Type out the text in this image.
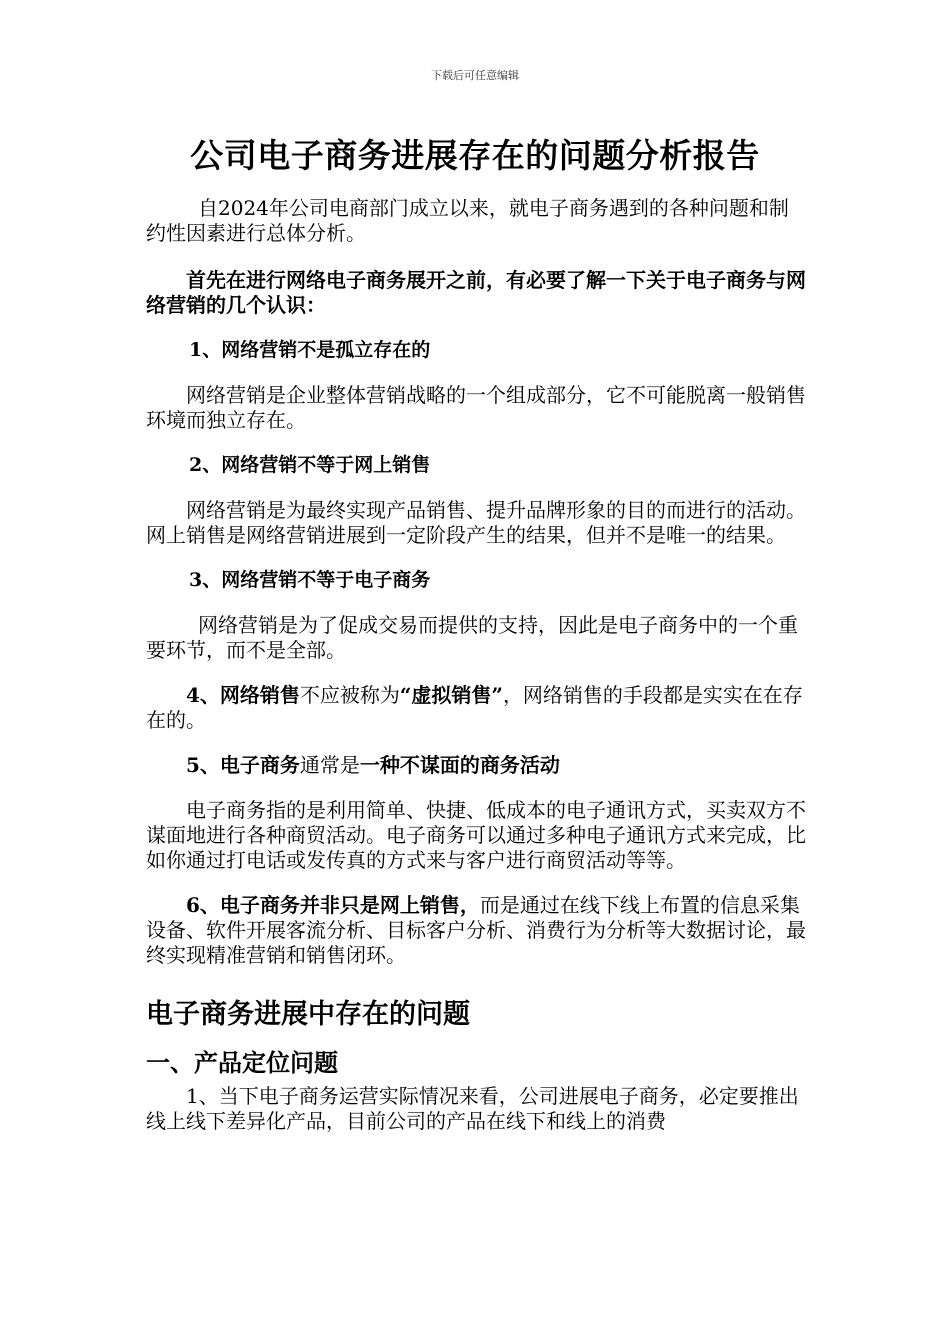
下载后可任意编辑
公司电子商务进展存在的问题分析报告

自2024年公司电商部门成立以来，就电子商务遇到的各种问题和制约性因素进行总体分析。

首先在进行网络电子商务展开之前，有必要了解一下关于电子商务与网络营销的几个认识：

1、网络营销不是孤立存在的

网络营销是企业整体营销战略的一个组成部分，它不可能脱离一般销售环境而独立存在。

2、网络营销不等于网上销售

网络营销是为最终实现产品销售、提升品牌形象的目的而进行的活动。网上销售是网络营销进展到一定阶段产生的结果，但并不是唯一的结果。

3、网络营销不等于电子商务

网络营销是为了促成交易而提供的支持，因此是电子商务中的一个重要环节，而不是全部。

4、网络销售不应被称为“虚拟销售”，网络销售的手段都是实实在在存在的。

5、电子商务通常是一种不谋面的商务活动

电子商务指的是利用简单、快捷、低成本的电子通讯方式，买卖双方不谋面地进行各种商贸活动。电子商务可以通过多种电子通讯方式来完成，比如你通过打电话或发传真的方式来与客户进行商贸活动等等。

6、电子商务并非只是网上销售，而是通过在线下线上布置的信息采集设备、软件开展客流分析、目标客户分析、消费行为分析等大数据讨论，最终实现精准营销和销售闭环。

电子商务进展中存在的问题
一、产品定位问题

1、当下电子商务运营实际情况来看，公司进展电子商务，必定要推出线上线下差异化产品，目前公司的产品在线下和线上的消费
